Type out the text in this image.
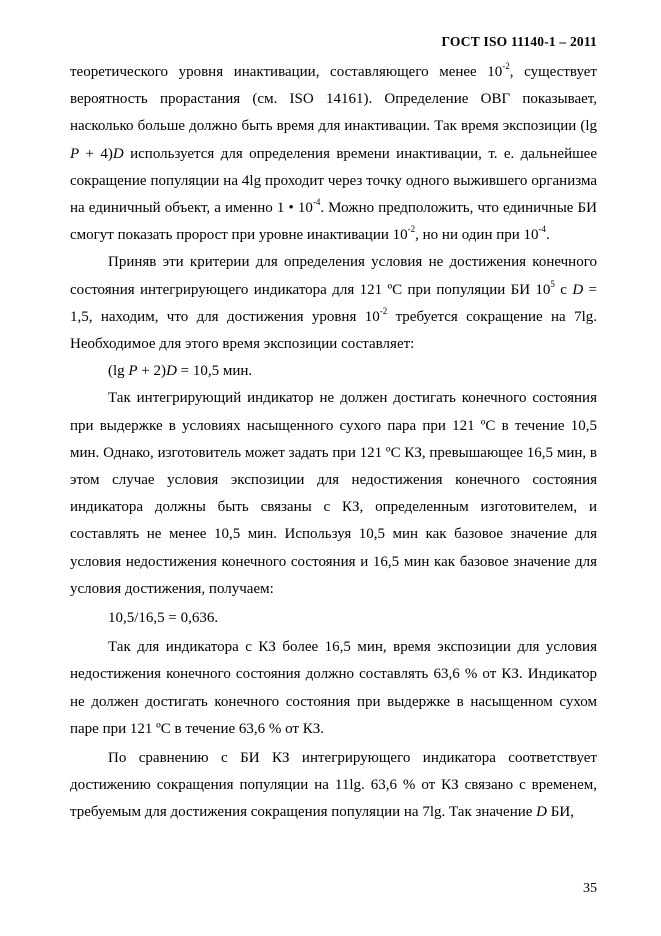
ГОСТ ISO 11140-1 – 2011

теоретического уровня инактивации, составляющего менее $10^{-2}$, существует вероятность прорастания (см. ISO 14161). Определение ОВГ показывает, насколько больше должно быть время для инактивации. Так время экспозиции (lg P + 4)D используется для определения времени инактивации, т. е. дальнейшее сокращение популяции на 4lg проходит через точку одного выжившего организма на единичный объект, а именно 1 • $10^{-4}$. Можно предположить, что единичные БИ смогут показать пророст при уровне инактивации $10^{-2}$, но ни один при $10^{-4}$.

Приняв эти критерии для определения условия не достижения конечного состояния интегрирующего индикатора для 121 ºС при популяции БИ $10^5$ с D = 1,5, находим, что для достижения уровня $10^{-2}$ требуется сокращение на 7lg. Необходимое для этого время экспозиции составляет:

(lg P + 2)D = 10,5 мин.

Так интегрирующий индикатор не должен достигать конечного состояния при выдержке в условиях насыщенного сухого пара при 121 ºС в течение 10,5 мин. Однако, изготовитель может задать при 121 ºС КЗ, превышающее 16,5 мин, в этом случае условия экспозиции для недостижения конечного состояния индикатора должны быть связаны с КЗ, определенным изготовителем, и составлять не менее 10,5 мин. Используя 10,5 мин как базовое значение для условия недостижения конечного состояния и 16,5 мин как базовое значение для условия достижения, получаем:

10,5/16,5 = 0,636.

Так для индикатора с КЗ более 16,5 мин, время экспозиции для условия недостижения конечного состояния должно составлять 63,6 % от КЗ. Индикатор не должен достигать конечного состояния при выдержке в насыщенном сухом паре при 121 ºС в течение 63,6 % от КЗ.

По сравнению с БИ КЗ интегрирующего индикатора соответствует достижению сокращения популяции на 11lg. 63,6 % от КЗ связано с временем, требуемым для достижения сокращения популяции на 7lg. Так значение D БИ,

35
